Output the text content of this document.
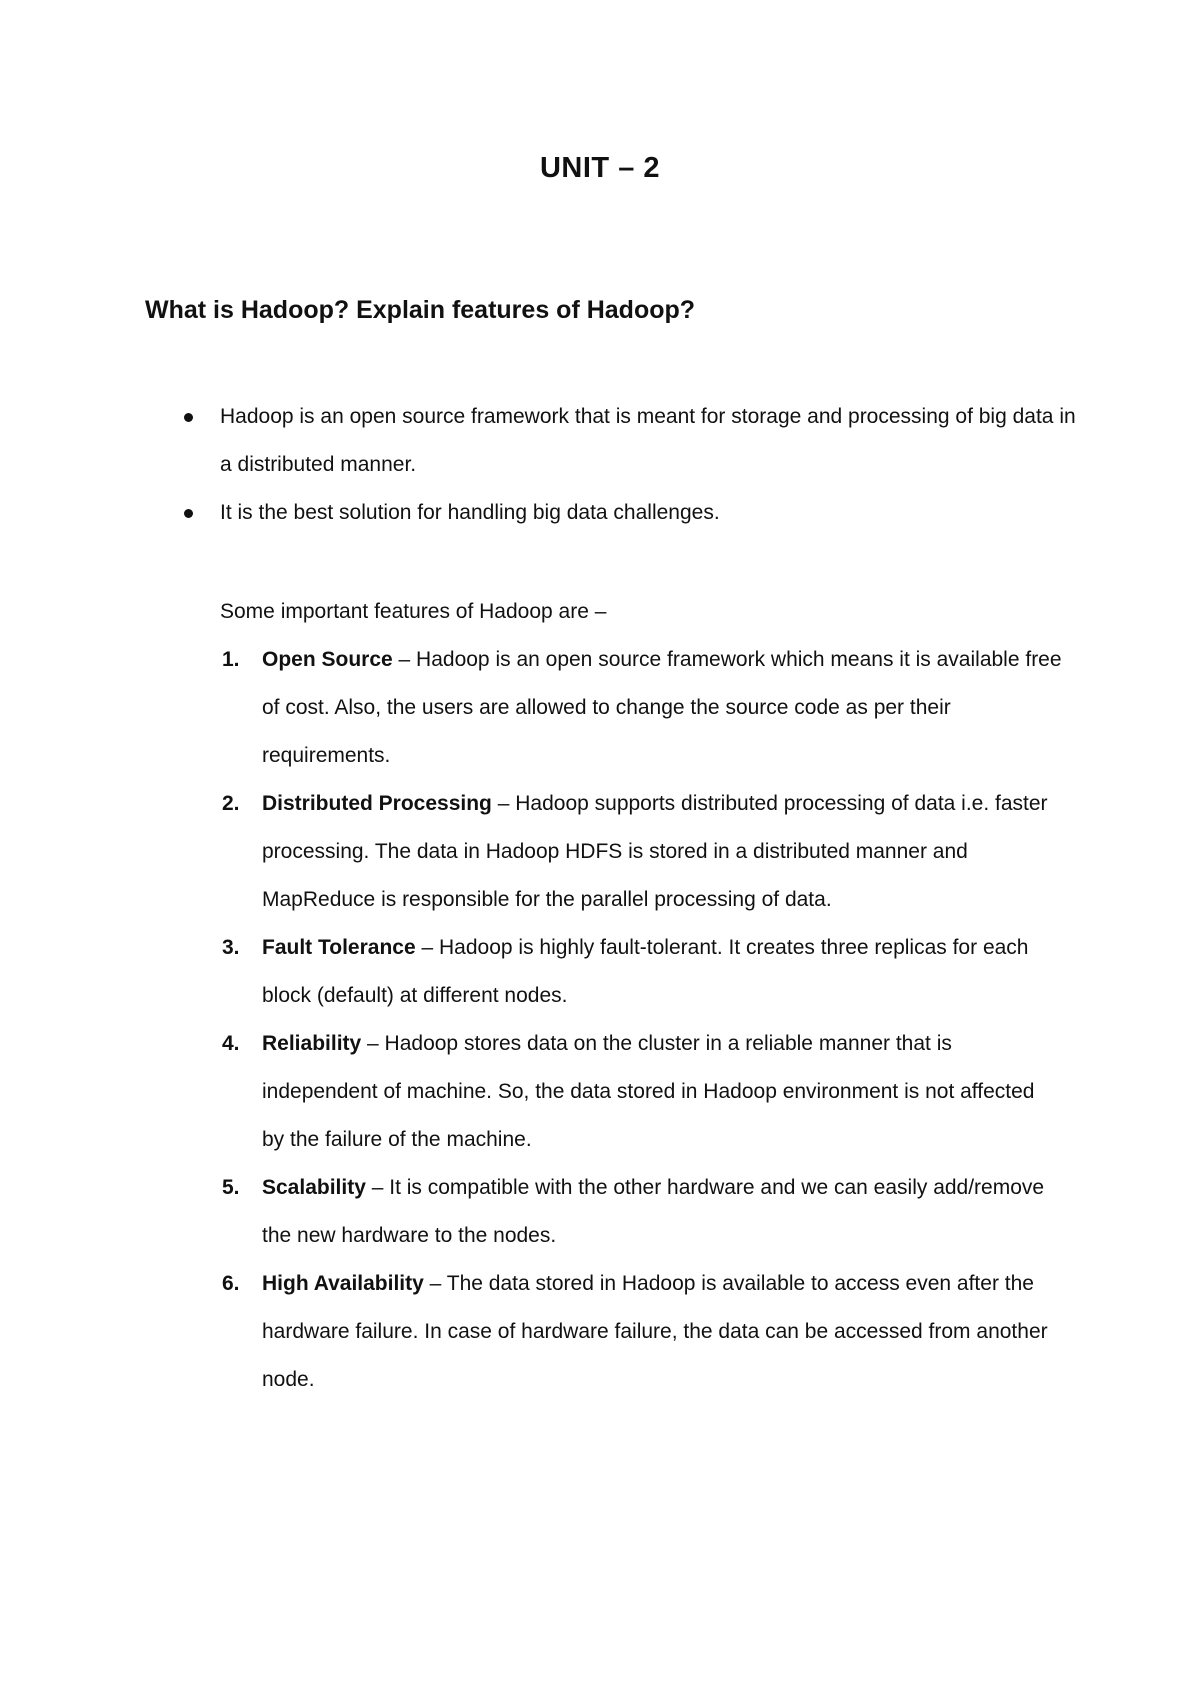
UNIT – 2
What is Hadoop? Explain features of Hadoop?

Hadoop is an open source framework that is meant for storage and processing of big data in a distributed manner.

It is the best solution for handling big data challenges.

Some important features of Hadoop are –

1. Open Source – Hadoop is an open source framework which means it is available free of cost. Also, the users are allowed to change the source code as per their requirements.

2. Distributed Processing – Hadoop supports distributed processing of data i.e. faster processing. The data in Hadoop HDFS is stored in a distributed manner and MapReduce is responsible for the parallel processing of data.

3. Fault Tolerance – Hadoop is highly fault-tolerant. It creates three replicas for each block (default) at different nodes.

4. Reliability – Hadoop stores data on the cluster in a reliable manner that is independent of machine. So, the data stored in Hadoop environment is not affected by the failure of the machine.

5. Scalability – It is compatible with the other hardware and we can easily add/remove the new hardware to the nodes.

6. High Availability – The data stored in Hadoop is available to access even after the hardware failure. In case of hardware failure, the data can be accessed from another node.
